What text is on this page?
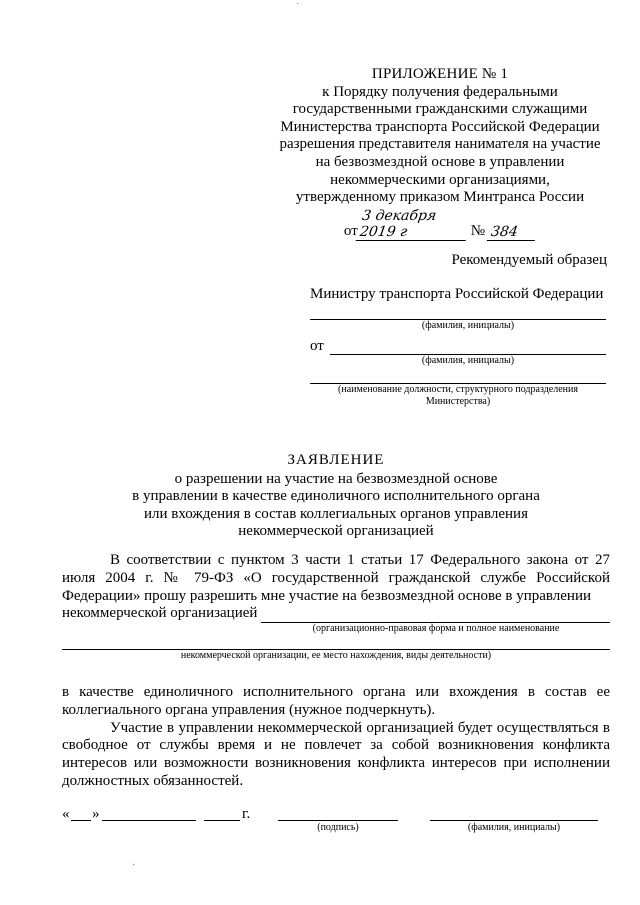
ПРИЛОЖЕНИЕ № 1
к Порядку получения федеральными
государственными гражданскими служащими
Министерства транспорта Российской Федерации
разрешения представителя нанимателя на участие
на безвозмездной основе в управлении
некоммерческими организациями,
утвержденному приказом Минтранса России
от
3 декабря 2019 г	№ 384
Рекомендуемый образец
Министру транспорта Российской Федерации
(фамилия, инициалы)
от
(фамилия, инициалы)
(наименование должности, структурного подразделения
Министерства)
ЗАЯВЛЕНИЕ
о разрешении на участие на безвозмездной основе
в управлении в качестве единоличного исполнительного органа
или вхождения в состав коллегиальных органов управления
некоммерческой организацией
В соответствии с пунктом 3 части 1 статьи 17 Федерального закона от 27 июля 2004 г. № 79-ФЗ «О государственной гражданской службе Российской Федерации» прошу разрешить мне участие на безвозмездной основе в управлении
некоммерческой организацией
(организационно-правовая форма и полное наименование
некоммерческой организации, ее место нахождения, виды деятельности)
в качестве единоличного исполнительного органа или вхождения в состав ее коллегиального органа управления (нужное подчеркнуть).
Участие в управлении некоммерческой организацией будет осуществляться в свободное от службы время и не повлечет за собой возникновения конфликта интересов или возможности возникновения конфликта интересов при исполнении должностных обязанностей.
« »	г.
(подпись)	(фамилия, инициалы)
˙
·
